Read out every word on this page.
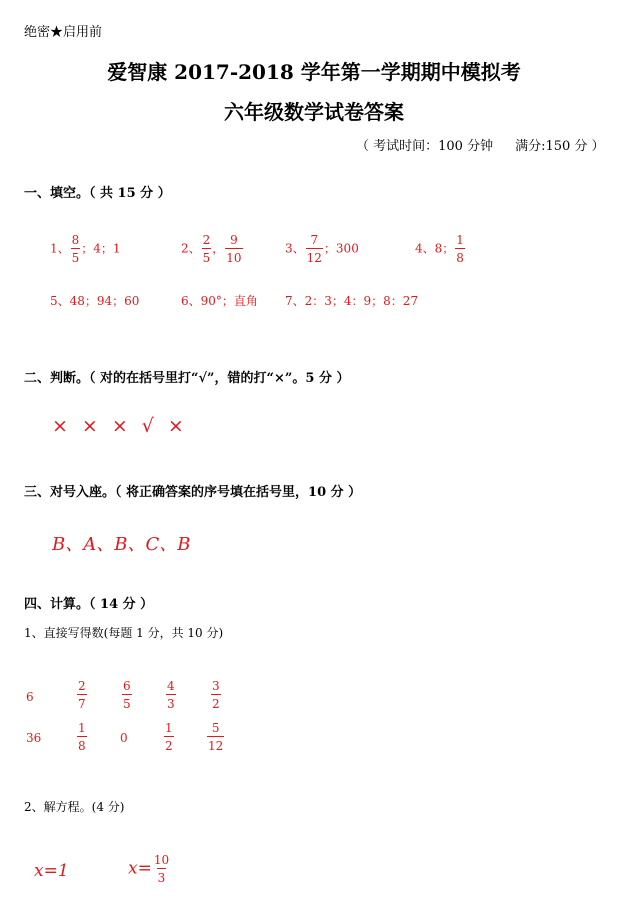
绝密★启用前
爱智康 2017-2018 学年第一学期期中模拟考
六年级数学试卷答案
（ 考试时间：100 分钟 满分:150 分 ）
一、填空。（ 共 15 分 ）
1、 $\frac{8}{5}$ ；4；1	2、 $\frac{2}{5}$ ， $\frac{9}{10}$	3、 $\frac{7}{12}$ ；300	4、8； $\frac{1}{8}$
5、48；94；60	6、90°；直角 7、2：3；4：9；8：27
二、判断。（ 对的在括号里打“√”，错的打“×”。5 分 ）
× × × √ ×
三、对号入座。（ 将正确答案的序号填在括号里，10 分 ）
B、A、B、C、B
四、计算。（ 14 分 ）
1、直接写得数(每题 1 分，共 10 分)
6	$\frac{2}{7}$	$\frac{6}{5}$	$\frac{4}{3}$	$\frac{3}{2}$
36	$\frac{1}{8}$	0	$\frac{1}{2}$	$\frac{5}{12}$
2、解方程。(4 分)
x=1	$x= \frac{10}{3}$
